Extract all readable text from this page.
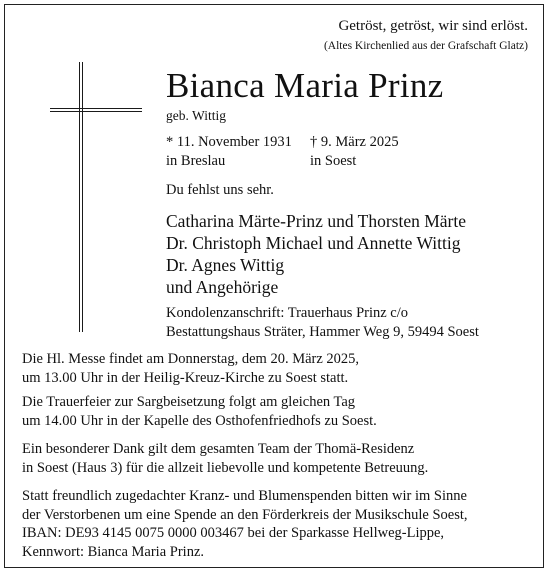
Getröst, getröst, wir sind erlöst.
(Altes Kirchenlied aus der Grafschaft Glatz)
Bianca Maria Prinz
geb. Wittig
* 11. November 1931 † 9. März 2025
in Breslau	in Soest
Du fehlst uns sehr.
Catharina Märte-Prinz und Thorsten Märte
Dr. Christoph Michael und Annette Wittig
Dr. Agnes Wittig
und Angehörige
Kondolenzanschrift: Trauerhaus Prinz c/o
Bestattungshaus Sträter, Hammer Weg 9, 59494 Soest

Die Hl. Messe findet am Donnerstag, dem 20. März 2025,

um 13.00 Uhr in der Heilig-Kreuz-Kirche zu Soest statt.

Die Trauerfeier zur Sargbeisetzung folgt am gleichen Tag

um 14.00 Uhr in der Kapelle des Osthofenfriedhofs zu Soest.

Ein besonderer Dank gilt dem gesamten Team der Thomä-Residenz

in Soest (Haus 3) für die allzeit liebevolle und kompetente Betreuung.

Statt freundlich zugedachter Kranz- und Blumenspenden bitten wir im Sinne

der Verstorbenen um eine Spende an den Förderkreis der Musikschule Soest,

IBAN: DE93 4145 0075 0000 003467 bei der Sparkasse Hellweg-Lippe,

Kennwort: Bianca Maria Prinz.
